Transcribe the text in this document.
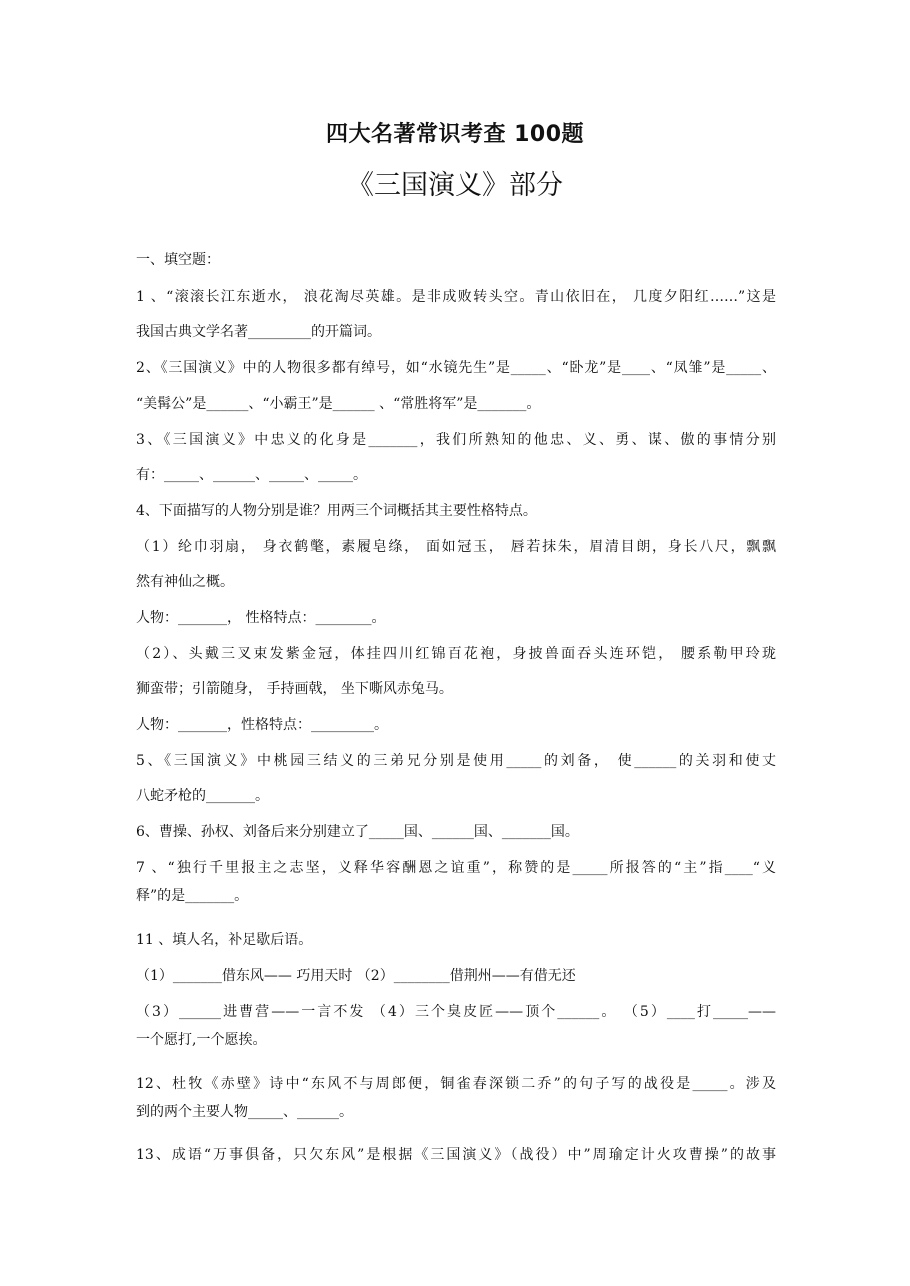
四大名著常识考查 100题
《三国演义》部分
一、填空题：
1 、“滚滚长江东逝水， 浪花淘尽英雄。是非成败转头空。青山依旧在， 几度夕阳红……”这是
我国古典文学名著_________的开篇词。
2、《三国演义》中的人物很多都有绰号，如“水镜先生”是_____、“卧龙”是____、“凤雏”是_____、
“美髯公”是______、“小霸王”是______ 、“常胜将军”是_______。
3、《三国演义》中忠义的化身是_______，我们所熟知的他忠、义、勇、谋、傲的事情分别
有：_____、______、_____、_____。
4、下面描写的人物分别是谁？用两三个词概括其主要性格特点。
（1）纶巾羽扇， 身衣鹤氅，素履皂绦， 面如冠玉， 唇若抹朱，眉清目朗，身长八尺，飘飘
然有神仙之概。
人物：_______， 性格特点：________。
（2）、头戴三叉束发紫金冠，体挂四川红锦百花袍，身披兽面吞头连环铠， 腰系勒甲玲珑
狮蛮带；引箭随身， 手持画戟， 坐下嘶风赤兔马。
人物：_______，性格特点：_________。
5、《三国演义》中桃园三结义的三弟兄分别是使用_____的刘备， 使______的关羽和使丈
八蛇矛枪的_______。
6、曹操、孙权、刘备后来分别建立了_____国、______国、_______国。
7 、“独行千里报主之志坚，义释华容酬恩之谊重”，称赞的是_____所报答的“主”指____“义
释”的是_______。
11 、填人名，补足歇后语。
（1）_______借东风—— 巧用天时 （2）________借荆州——有借无还
（3）______进曹营——一言不发 （4）三个臭皮匠——顶个______。 （5）____打_____——
一个愿打,一个愿挨。
12、杜牧《赤壁》诗中“东风不与周郎便，铜雀春深锁二乔”的句子写的战役是_____。涉及
到的两个主要人物_____、______。
13、成语“万事俱备，只欠东风”是根据《三国演义》（战役）中”周瑜定计火攻曹操”的故事
